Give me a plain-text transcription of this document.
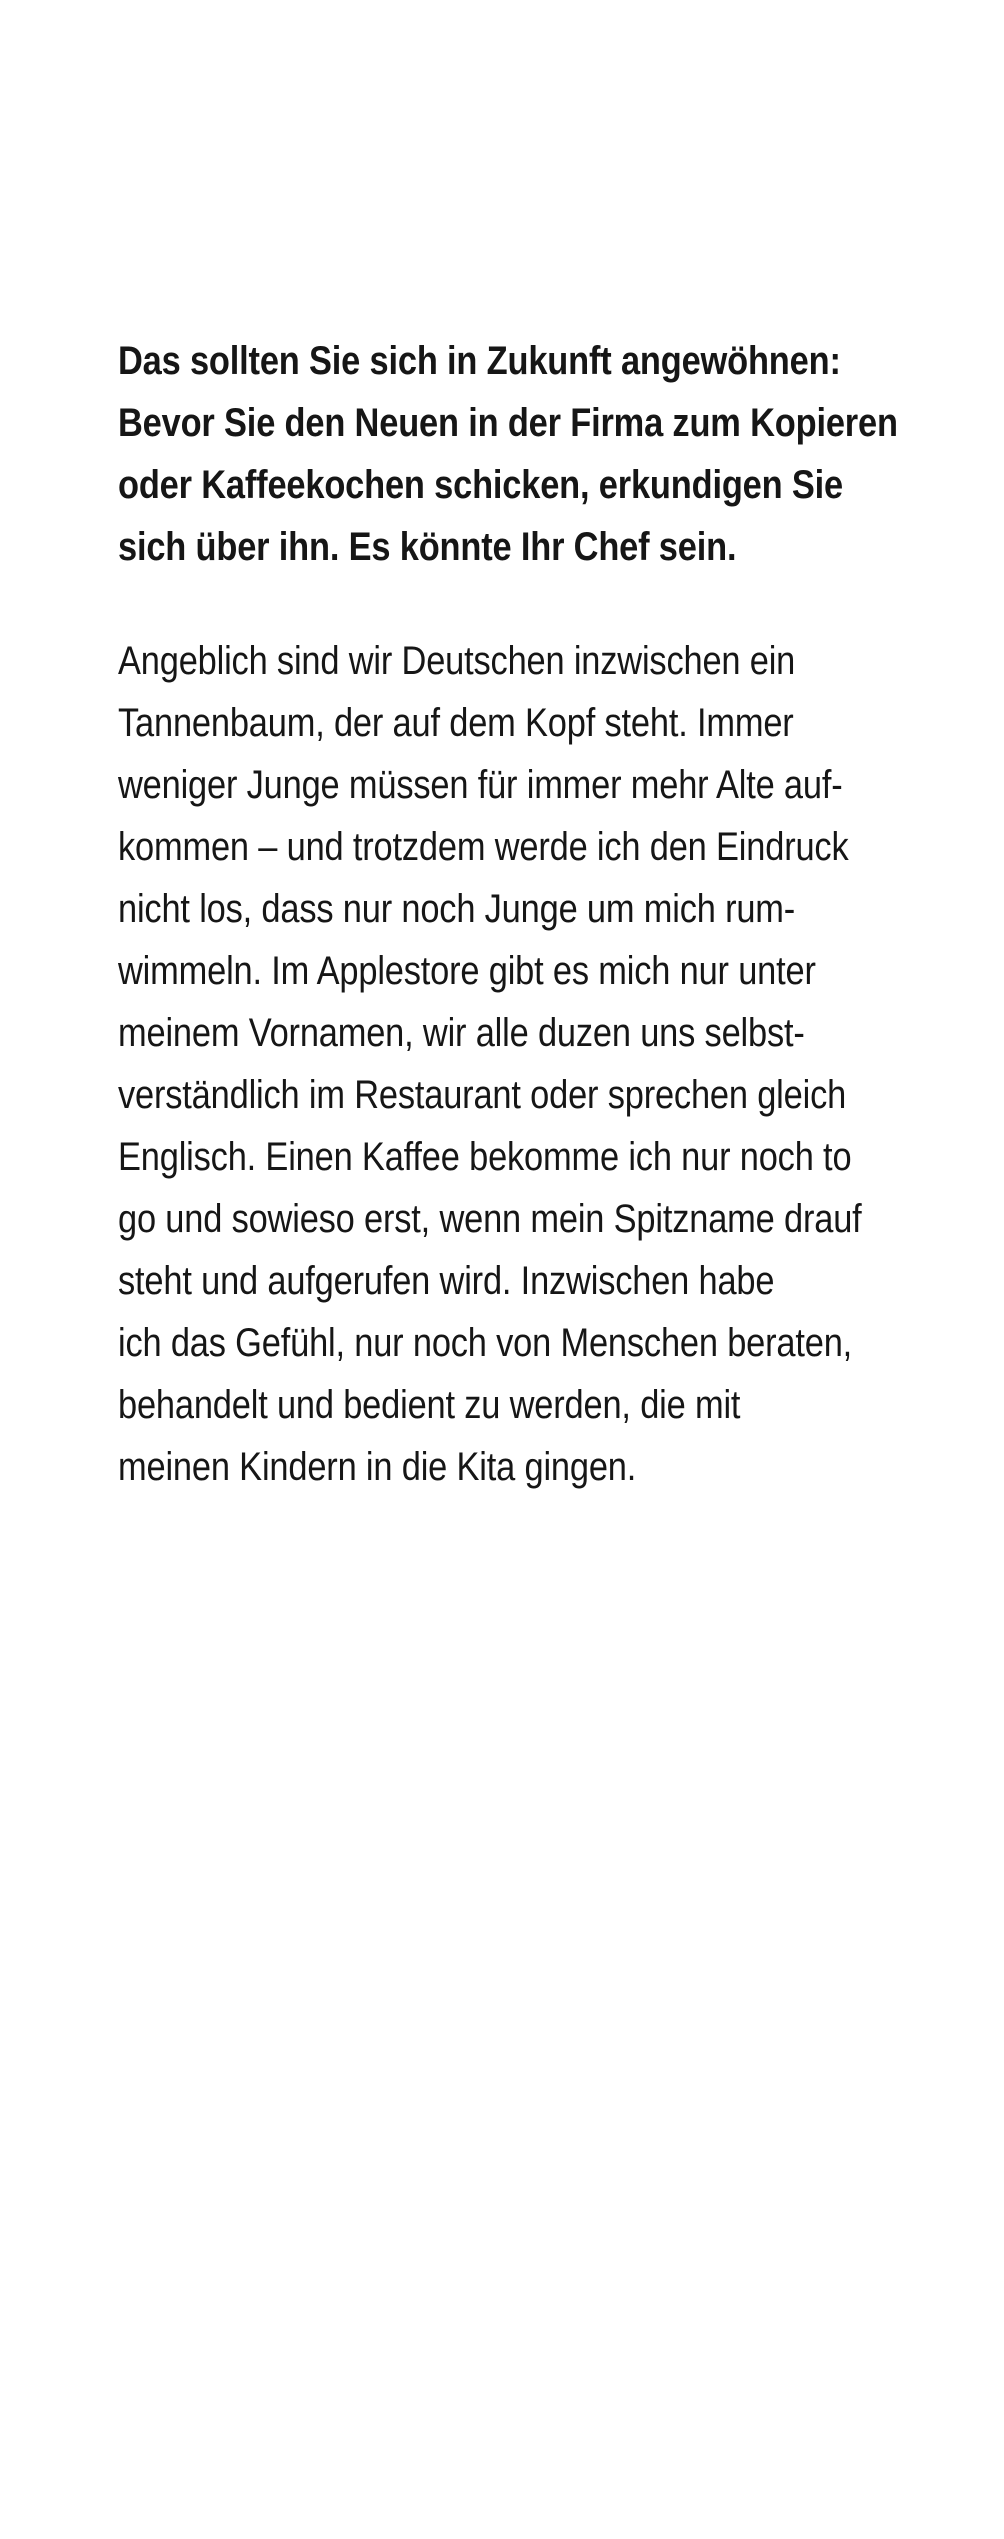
Das sollten Sie sich in Zukunft angewöhnen:
Bevor Sie den Neuen in der Firma zum Kopieren
oder Kaffeekochen schicken, erkundigen Sie
sich über ihn. Es könnte Ihr Chef sein.
Angeblich sind wir Deutschen inzwischen ein
Tannenbaum, der auf dem Kopf steht. Immer
weniger Junge müssen für immer mehr Alte auf-
kommen – und trotzdem werde ich den Eindruck
nicht los, dass nur noch Junge um mich rum-
wimmeln. Im Applestore gibt es mich nur unter
meinem Vornamen, wir alle duzen uns selbst-
verständlich im Restaurant oder sprechen gleich
Englisch. Einen Kaffee bekomme ich nur noch to
go und sowieso erst, wenn mein Spitzname drauf
steht und aufgerufen wird. Inzwischen habe
ich das Gefühl, nur noch von Menschen beraten,
behandelt und bedient zu werden, die mit
meinen Kindern in die Kita gingen.
